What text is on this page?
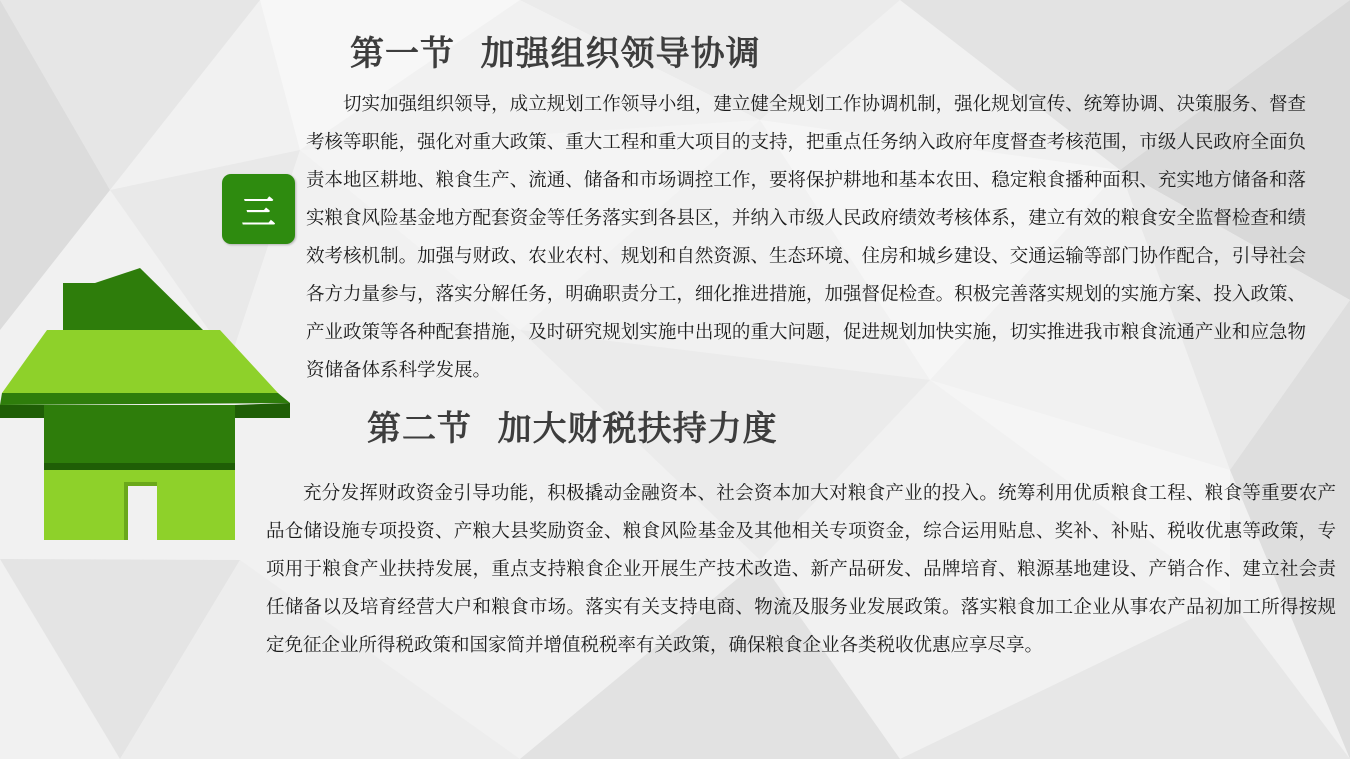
三
第一节  加强组织领导协调

切实加强组织领导，成立规划工作领导小组，建立健全规划工作协调机制，强化规划宣传、统筹协调、决策服务、督查考核等职能，强化对重大政策、重大工程和重大项目的支持，把重点任务纳入政府年度督查考核范围，市级人民政府全面负责本地区耕地、粮食生产、流通、储备和市场调控工作，要将保护耕地和基本农田、稳定粮食播种面积、充实地方储备和落实粮食风险基金地方配套资金等任务落实到各县区，并纳入市级人民政府绩效考核体系，建立有效的粮食安全监督检查和绩效考核机制。加强与财政、农业农村、规划和自然资源、生态环境、住房和城乡建设、交通运输等部门协作配合，引导社会各方力量参与，落实分解任务，明确职责分工，细化推进措施，加强督促检查。积极完善落实规划的实施方案、投入政策、产业政策等各种配套措施，及时研究规划实施中出现的重大问题，促进规划加快实施，切实推进我市粮食流通产业和应急物资储备体系科学发展。

第二节  加大财税扶持力度

充分发挥财政资金引导功能，积极撬动金融资本、社会资本加大对粮食产业的投入。统筹利用优质粮食工程、粮食等重要农产品仓储设施专项投资、产粮大县奖励资金、粮食风险基金及其他相关专项资金，综合运用贴息、奖补、补贴、税收优惠等政策，专项用于粮食产业扶持发展，重点支持粮食企业开展生产技术改造、新产品研发、品牌培育、粮源基地建设、产销合作、建立社会责任储备以及培育经营大户和粮食市场。落实有关支持电商、物流及服务业发展政策。落实粮食加工企业从事农产品初加工所得按规定免征企业所得税政策和国家简并增值税税率有关政策，确保粮食企业各类税收优惠应享尽享。
